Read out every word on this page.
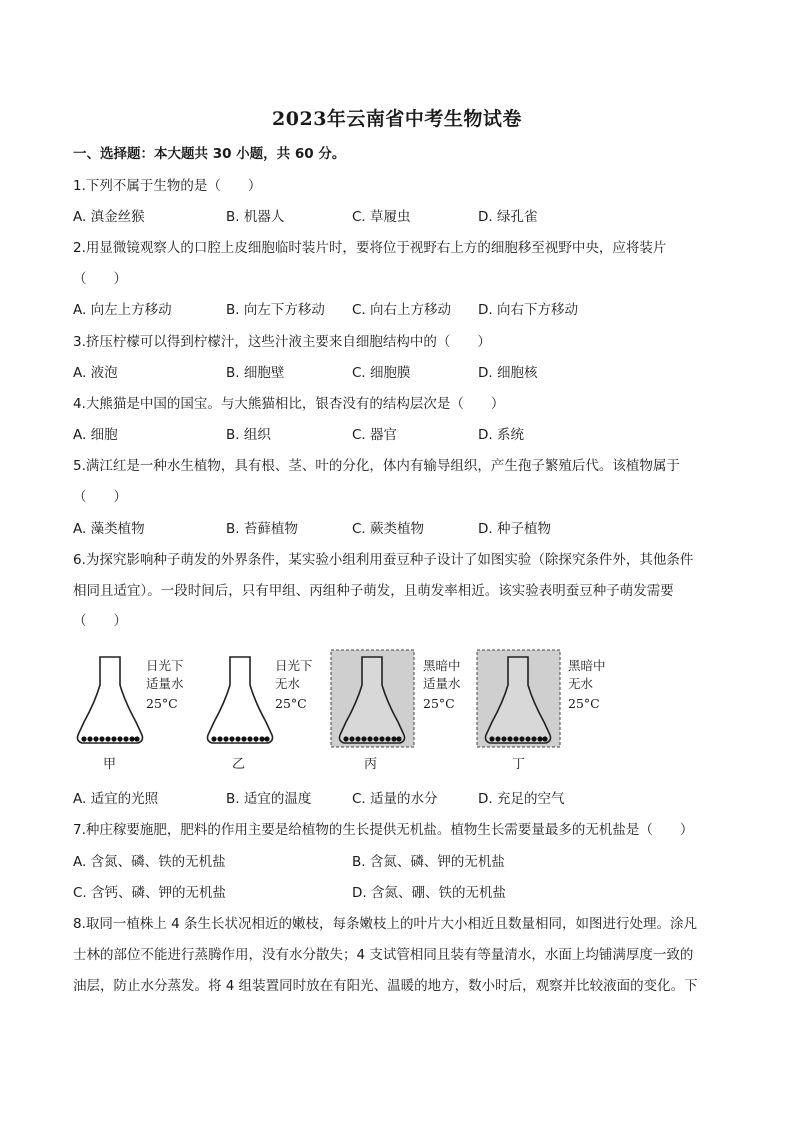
2023年云南省中考生物试卷
一、选择题：本大题共 30 小题，共 60 分。
1.下列不属于生物的是（　　）
A. 滇金丝猴	B. 机器人	C. 草履虫	D. 绿孔雀
2.用显微镜观察人的口腔上皮细胞临时装片时，要将位于视野右上方的细胞移至视野中央，应将装片
（　　）
A. 向左上方移动	B. 向左下方移动 C. 向右上方移动 D. 向右下方移动
3.挤压柠檬可以得到柠檬汁，这些汁液主要来自细胞结构中的（　　）
A. 液泡	B. 细胞壁	C. 细胞膜	D. 细胞核
4.大熊猫是中国的国宝。与大熊猫相比，银杏没有的结构层次是（　　）
A. 细胞	B. 组织	C. 器官	D. 系统
5.满江红是一种水生植物，具有根、茎、叶的分化，体内有输导组织，产生孢子繁殖后代。该植物属于
（　　）
A. 藻类植物	B. 苔藓植物	C. 蕨类植物	D. 种子植物
6.为探究影响种子萌发的外界条件，某实验小组利用蚕豆种子设计了如图实验（除探究条件外，其他条件
相同且适宜）。一段时间后，只有甲组、丙组种子萌发，且萌发率相近。该实验表明蚕豆种子萌发需要
（　　）
日光下
适量水
25°C
日光下
无水
25°C
黑暗中
适量水
25°C
黑暗中
无水
25°C
甲	乙	丙	丁
A. 适宜的光照	B. 适宜的温度	C. 适量的水分	D. 充足的空气
7.种庄稼要施肥，肥料的作用主要是给植物的生长提供无机盐。植物生长需要量最多的无机盐是（　　）
A. 含氮、磷、铁的无机盐	B. 含氮、磷、钾的无机盐
C. 含钙、磷、钾的无机盐	D. 含氮、硼、铁的无机盐
8.取同一植株上 4 条生长状况相近的嫩枝，每条嫩枝上的叶片大小相近且数量相同，如图进行处理。涂凡
士林的部位不能进行蒸腾作用，没有水分散失；4 支试管相同且装有等量清水，水面上均铺满厚度一致的
油层，防止水分蒸发。将 4 组装置同时放在有阳光、温暖的地方，数小时后，观察并比较液面的变化。下
